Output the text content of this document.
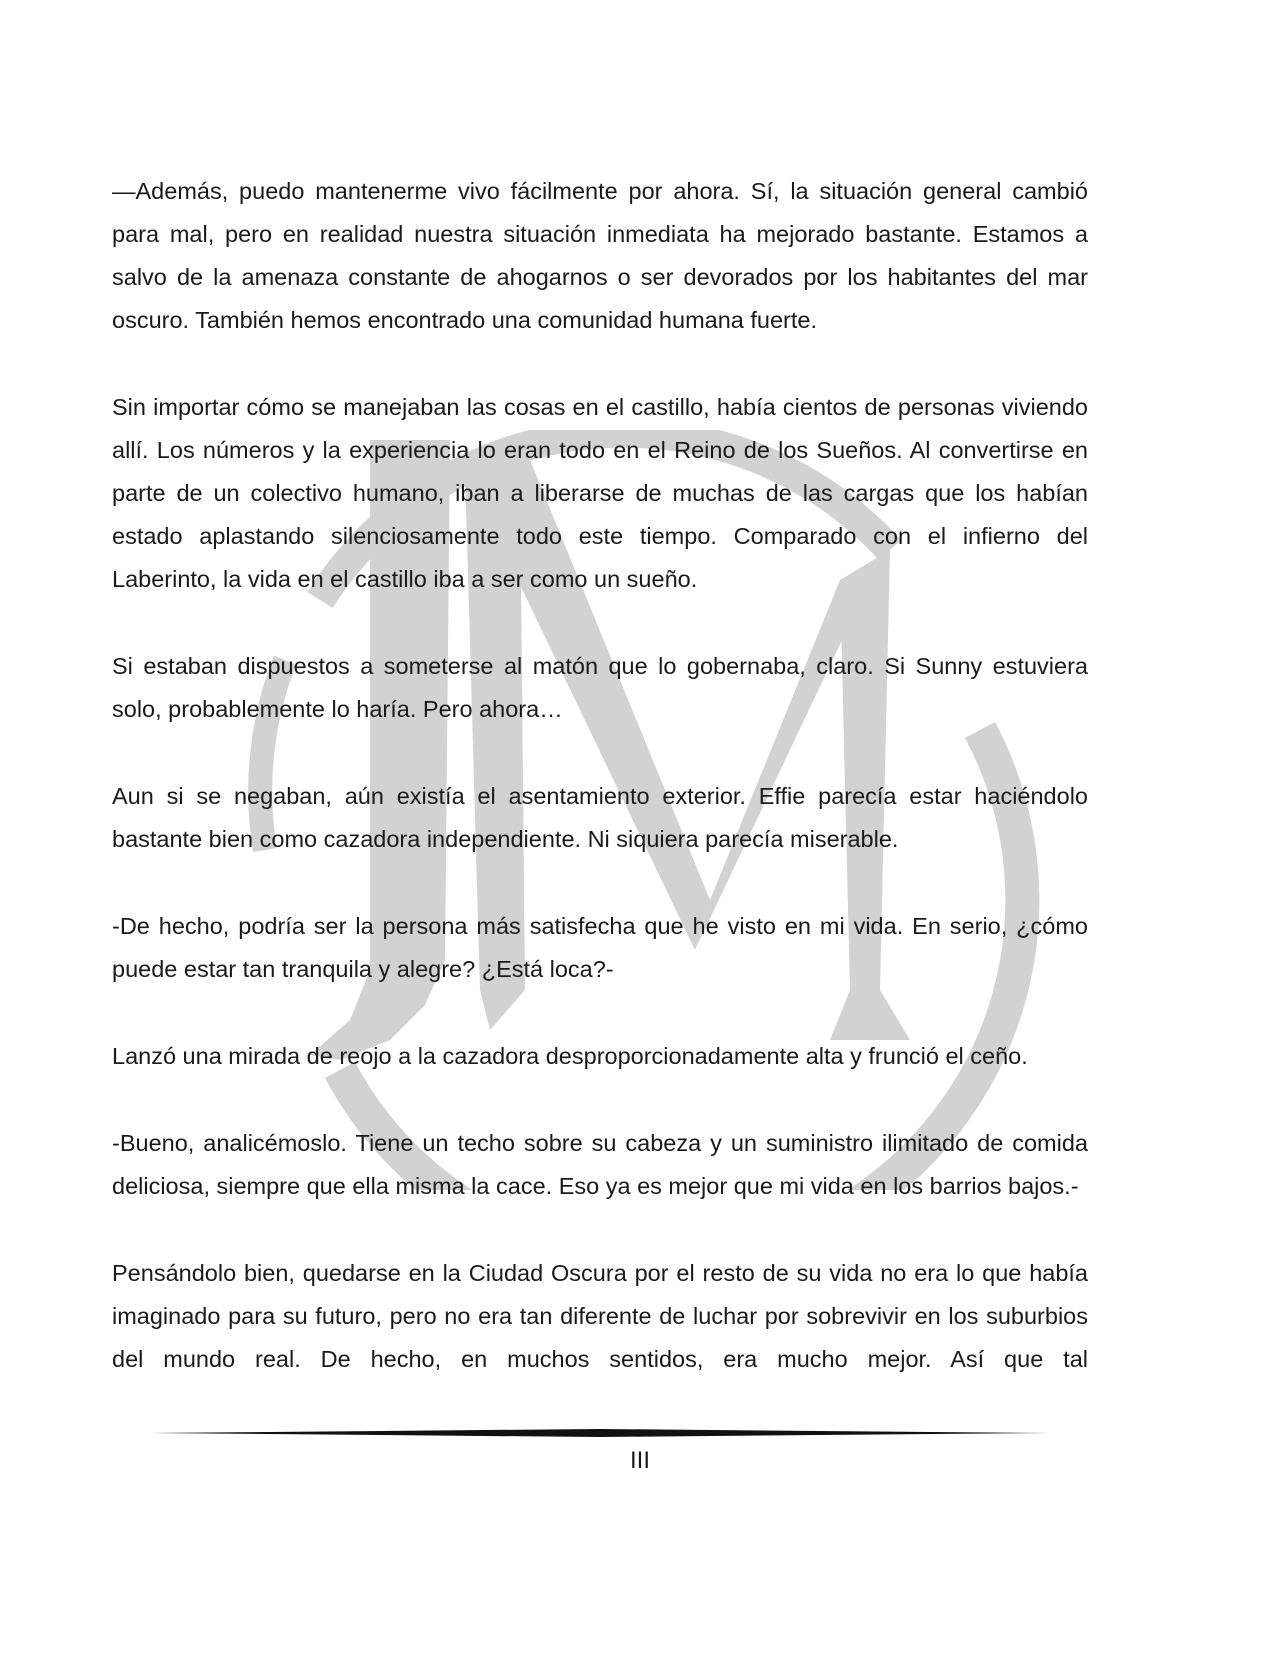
—Además, puedo mantenerme vivo fácilmente por ahora. Sí, la situación general cambió para mal, pero en realidad nuestra situación inmediata ha mejorado bastante. Estamos a salvo de la amenaza constante de ahogarnos o ser devorados por los habitantes del mar oscuro. También hemos encontrado una comunidad humana fuerte.

Sin importar cómo se manejaban las cosas en el castillo, había cientos de personas viviendo allí. Los números y la experiencia lo eran todo en el Reino de los Sueños. Al convertirse en parte de un colectivo humano, iban a liberarse de muchas de las cargas que los habían estado aplastando silenciosamente todo este tiempo. Comparado con el infierno del Laberinto, la vida en el castillo iba a ser como un sueño.

Si estaban dispuestos a someterse al matón que lo gobernaba, claro. Si Sunny estuviera solo, probablemente lo haría. Pero ahora…

Aun si se negaban, aún existía el asentamiento exterior. Effie parecía estar haciéndolo bastante bien como cazadora independiente. Ni siquiera parecía miserable.

-De hecho, podría ser la persona más satisfecha que he visto en mi vida. En serio, ¿cómo puede estar tan tranquila y alegre? ¿Está loca?-

Lanzó una mirada de reojo a la cazadora desproporcionadamente alta y frunció el ceño.

-Bueno, analicémoslo. Tiene un techo sobre su cabeza y un suministro ilimitado de comida deliciosa, siempre que ella misma la cace. Eso ya es mejor que mi vida en los barrios bajos.-

Pensándolo bien, quedarse en la Ciudad Oscura por el resto de su vida no era lo que había imaginado para su futuro, pero no era tan diferente de luchar por sobrevivir en los suburbios del mundo real. De hecho, en muchos sentidos, era mucho mejor. Así que tal

III
